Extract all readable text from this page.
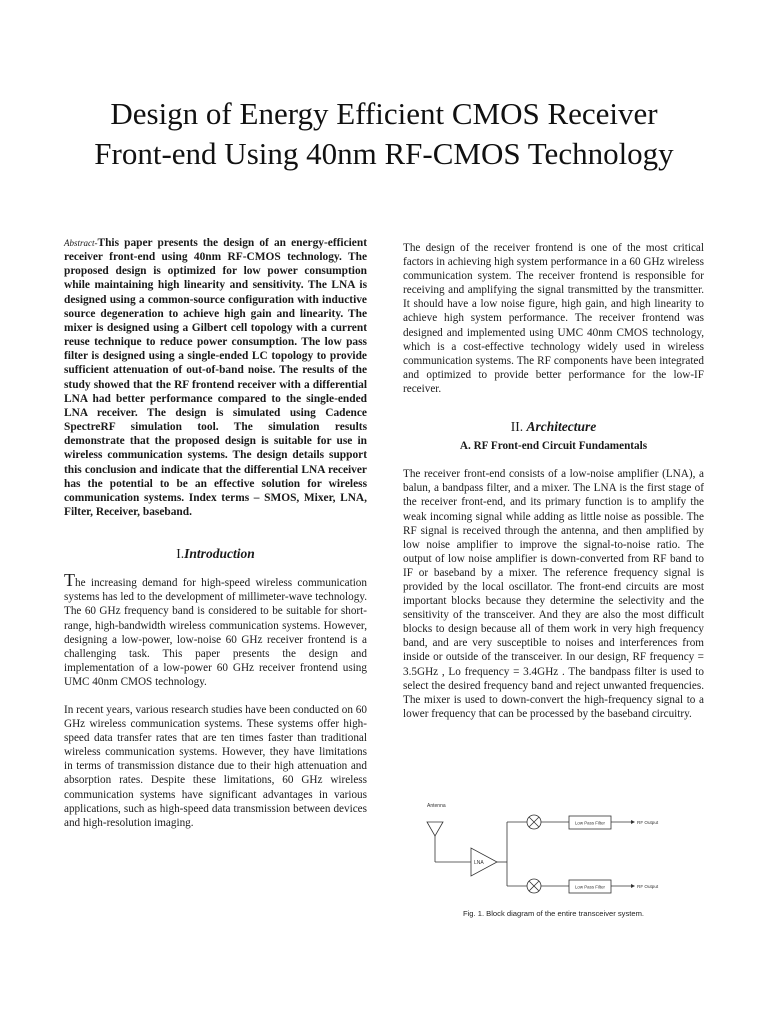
Design of Energy Efficient CMOS Receiver
Front-end Using 40nm RF-CMOS Technology

Abstract-This paper presents the design of an energy-efficient receiver front-end using 40nm RF-CMOS technology. The proposed design is optimized for low power consumption while maintaining high linearity and sensitivity. The LNA is designed using a common-source configuration with inductive source degeneration to achieve high gain and linearity. The mixer is designed using a Gilbert cell topology with a current reuse technique to reduce power consumption. The low pass filter is designed using a single-ended LC topology to provide sufficient attenuation of out-of-band noise. The results of the study showed that the RF frontend receiver with a differential LNA had better performance compared to the single-ended LNA receiver. The design is simulated using Cadence SpectreRF simulation tool. The simulation results demonstrate that the proposed design is suitable for use in wireless communication systems. The design details support this conclusion and indicate that the differential LNA receiver has the potential to be an effective solution for wireless communication systems. Index terms – SMOS, Mixer, LNA, Filter, Receiver, baseband.

I.Introduction

The increasing demand for high-speed wireless communication systems has led to the development of millimeter-wave technology. The 60 GHz frequency band is considered to be suitable for short-range, high-bandwidth wireless communication systems. However, designing a low-power, low-noise 60 GHz receiver frontend is a challenging task. This paper presents the design and implementation of a low-power 60 GHz receiver frontend using UMC 40nm CMOS technology.

In recent years, various research studies have been conducted on 60 GHz wireless communication systems. These systems offer high-speed data transfer rates that are ten times faster than traditional wireless communication systems. However, they have limitations in terms of transmission distance due to their high attenuation and absorption rates. Despite these limitations, 60 GHz wireless communication systems have significant advantages in various applications, such as high-speed data transmission between devices and high-resolution imaging.

The design of the receiver frontend is one of the most critical factors in achieving high system performance in a 60 GHz wireless communication system. The receiver frontend is responsible for receiving and amplifying the signal transmitted by the transmitter. It should have a low noise figure, high gain, and high linearity to achieve high system performance. The receiver frontend was designed and implemented using UMC 40nm CMOS technology, which is a cost-effective technology widely used in wireless communication systems. The RF components have been integrated and optimized to provide better performance for the low-IF receiver.

II. Architecture
A. RF Front-end Circuit Fundamentals

The receiver front-end consists of a low-noise amplifier (LNA), a balun, a bandpass filter, and a mixer. The LNA is the first stage of the receiver front-end, and its primary function is to amplify the weak incoming signal while adding as little noise as possible. The RF signal is received through the antenna, and then amplified by low noise amplifier to improve the signal-to-noise ratio. The output of low noise amplifier is down-converted from RF band to IF or baseband by a mixer. The reference frequency signal is provided by the local oscillator. The front-end circuits are most important blocks because they determine the selectivity and the sensitivity of the transceiver. And they are also the most difficult blocks to design because all of them work in very high frequency band, and are very susceptible to noises and interferences from inside or outside of the transceiver. In our design, RF frequency = 3.5GHz , Lo frequency = 3.4GHz . The bandpass filter is used to select the desired frequency band and reject unwanted frequencies. The mixer is used to down-convert the high-frequency signal to a lower frequency that can be processed by the baseband circuitry.

Antenna
LNA
Low Pass Filter
Low Pass Filter
RF Output
RF Output
Fig. 1. Block diagram of the entire transceiver system.
